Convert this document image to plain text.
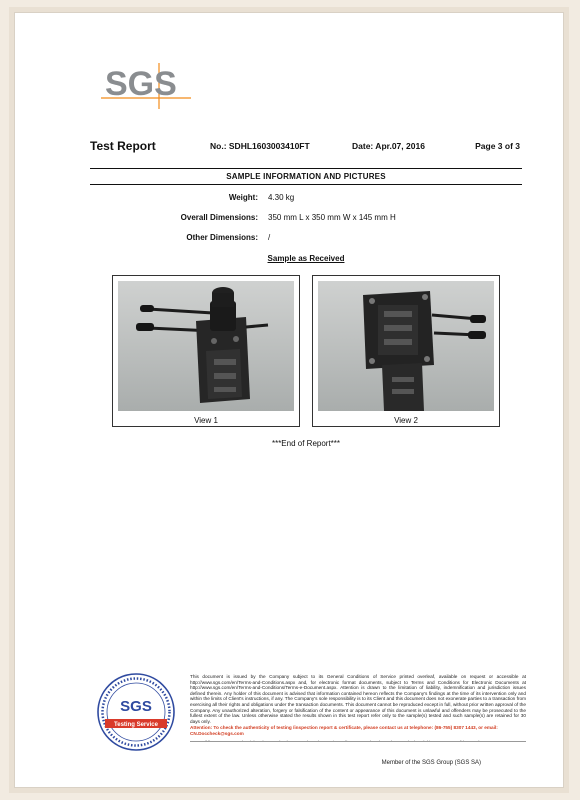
SGS
Test Report	No.: SDHL1603003410FT	Date: Apr.07, 2016	Page 3 of 3
SAMPLE INFORMATION AND PICTURES
Weight: 4.30 kg
Overall Dimensions: 350 mm L x 350 mm W x 145 mm H
Other Dimensions: /
Sample as Received
View 1	View 2
***End of Report***
SGS
Testing Service
This document is issued by the Company subject to its General Conditions of Service printed overleaf, available on request or accessible at http://www.sgs.com/en/Terms-and-Conditions.aspx and, for electronic format documents, subject to Terms and Conditions for Electronic Documents at http://www.sgs.com/en/Terms-and-Conditions/Terms-e-Document.aspx. Attention is drawn to the limitation of liability, indemnification and jurisdiction issues defined therein. Any holder of this document is advised that information contained hereon reflects the Company's findings at the time of its intervention only and within the limits of Client's instructions, if any. The Company's sole responsibility is to its Client and this document does not exonerate parties to a transaction from exercising all their rights and obligations under the transaction documents. This document cannot be reproduced except in full, without prior written approval of the Company. Any unauthorized alteration, forgery or falsification of the content or appearance of this document is unlawful and offenders may be prosecuted to the fullest extent of the law. Unless otherwise stated the results shown in this test report refer only to the sample(s) tested and such sample(s) are retained for 30 days only.
Attention: To check the authenticity of testing /inspection report & certificate, please contact us at telephone: (86-755) 8307 1443, or email: CN.Doccheck@sgs.com
Member of the SGS Group (SGS SA)
